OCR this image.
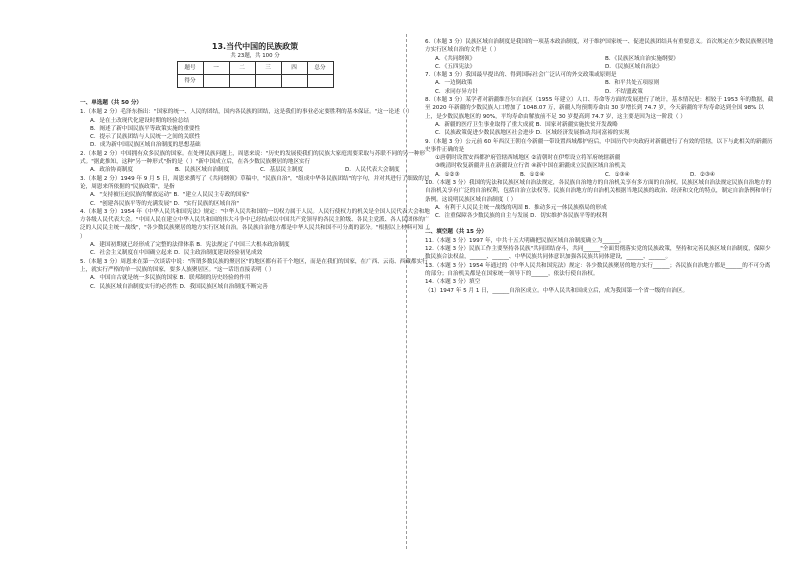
13.当代中国的民族政策
共 23题，共 100 分
题号	一	二	三	四	总分
得分					
一、单选题（共 50 分）
1.（本题 2 分）毛泽东指出："国家的统一、人民的团结，国内各民族的团结，这是我们的事业必定要胜利的基本保证。"这一论述（ ）
A．是在土改现代化建设时期的经验总结
B．阐述了新中国民族平等政策实施的重要性
C．提示了民族团结与人民统一之间的关联性
D．成为新中国民族区域自治制度的思想基础
2.（本题 2 分）中国拥有众多民族的国家。在处理民族问题上，周恩来说："历史的发展使我们的民族大家庭需要采取与苏联不同的另一种形式。"据此推知，这种"另一种形式"指的是（ ）"新中国成立后，在各少数民族聚居的地区实行
A．政治协商制度	B．民族区域自治制度	C．基层民主制度	D．人民代表大会制度
3.（本题 2 分）1949 年 9 月 5 日，周恩来撰写了《共同纲领》草稿中，"民族自治"，"组成中华各民族团结"的字句，并对其进行了细致的讨论，周恩来所依据的"民族政策"，是指
A．"支持被压迫民族的解放运动" B．"建立人民民主专政的国家"
C．"创建各民族平等的充满发展" D．"实行民族的区域自治"
4.（本题 3 分）1954 年《中华人民共和国宪法》规定："中华人民共和国的一切权力属于人民。人民行使权力的机关是全国人民代表大会和地方各级人民代表大会。"中国人民在建立中华人民共和国的伟大斗争中已经结成以中国共产党领导的各民主阶级、各民主党派、各人民团体的广泛的人民民主统一战线"，"各少数民族聚居的地方实行区域自治。各民族自治地方都是中华人民共和国不可分离的部分。"根据以上材料可知（ ）
A．建国初期就已经形成了完整的法律体系 B．宪法规定了中国三大根本政治制度
C．社会主义制度在中国确立起来 D．民主政治制度建设经验初见成效
5.（本题 3 分）周恩来在第一次谈话中说："所谓多数民族的聚居区"的地区都有若干个地区，而是在我们的国家，在广西、云南、西藏都实行上，就实行严格的单一民族的国家，要多人族聚居区。"这一话语直接表明（ ）
A．中国自古就是统一多民族的国家 B．联邦制的历史经验的作用
C．民族区域自治制度实行的必然性 D．我国民族区域自治制度不断完善
6.（本题 3 分）民族区域自治制度是我国的一项基本政治制度，对于维护国家统一、促进民族团结具有重要意义。首次规定在少数民族聚居地方实行区域自治的文件是（ ）
A．《共同纲领》	B．《民族区域自治实施纲要》
C．《五四宪法》	D．《民族区域自治法》
7.（本题 3 分）我国最早提出的、得到国际社会广泛认可的外交政策或原则是
A．一边倒政策	B．和平共处五项原则
C．求同存异方针	D．不结盟政策
8.（本题 3 分）某学者对新疆维吾尔自治区（1955 年建立）人口、寿命等方面的发展进行了统计，基本情况是：相较于 1953 年的数据，截至 2020 年新疆的少数民族人口增加了 1048.07 万，新疆人均预期寿命由 30 岁增长到 74.7 岁，今天新疆的平均寿命达到全国 98% 以上，是少数民族地区的 90%，平均寿命由解放前不足 30 岁提高到 74.7 岁，这主要是因为这一阶段（ ）
A．新疆的医疗卫生事业取得了重大成就 B．国家对新疆实施扶贫开发战略
C．民族政策促进少数民族地区社会进步 D．区域经济发展推动共同富裕的实现
9.（本题 3 分）公元前 60 年西汉王朝在今新疆一带设置西域都护府后，中国历代中央政府对新疆进行了有效的管辖，以下与此相关的新疆历史事件正确的是
①唐朝时设置安西都护府管辖西域地区 ②清朝时在伊犁设立将军府统辖新疆
③晚清时收复新疆并且在新疆设立行省 ④新中国在新疆成立民族区域自治机关
A．①②③	B．①②④	C．①③④	D．②③④
10.（本题 3 分）我国的宪法和民族区域自治法规定，各民族自治地方的自治机关享有多方面的自治权。民族区域自治法规定民族自治地方的自治机关享有广泛的自治权利，包括自治立法权等。民族自治地方的自治机关根据当地民族的政治、经济和文化的特点，制定自治条例和单行条例。这说明民族区域自治制度（ ）
A．有利于人民民主统一战线的巩固 B．推动多元一体民族格局的形成
C．注重保障各少数民族的自主与发展 D．切实维护各民族平等的权利
二、填空题（共 15 分）
11.（本题 3 分）1997 年，中共十五大明确把民族区域自治制度确立为______。
12.（本题 3 分）民族工作主要坚持各民族"共同团结奋斗，共同______"全面贯彻落实党的民族政策，坚持和完善民族区域自治制度，保障少数民族合法权益，______、______、中华民族共同体意识加强各民族共同体建设，______、______。
13.（本题 3 分）1954 年通过的《中华人民共和国宪法》规定：各少数民族聚居的地方实行______；各民族自治地方都是______的不可分离的部分；自治机关都是在国家统一领导下的______，依法行使自治权。
14.（本题 3 分）填空
（1）1947 年 5 月 1 日，______自治区成立。中华人民共和国成立后，成为我国第一个省一级的自治区。
